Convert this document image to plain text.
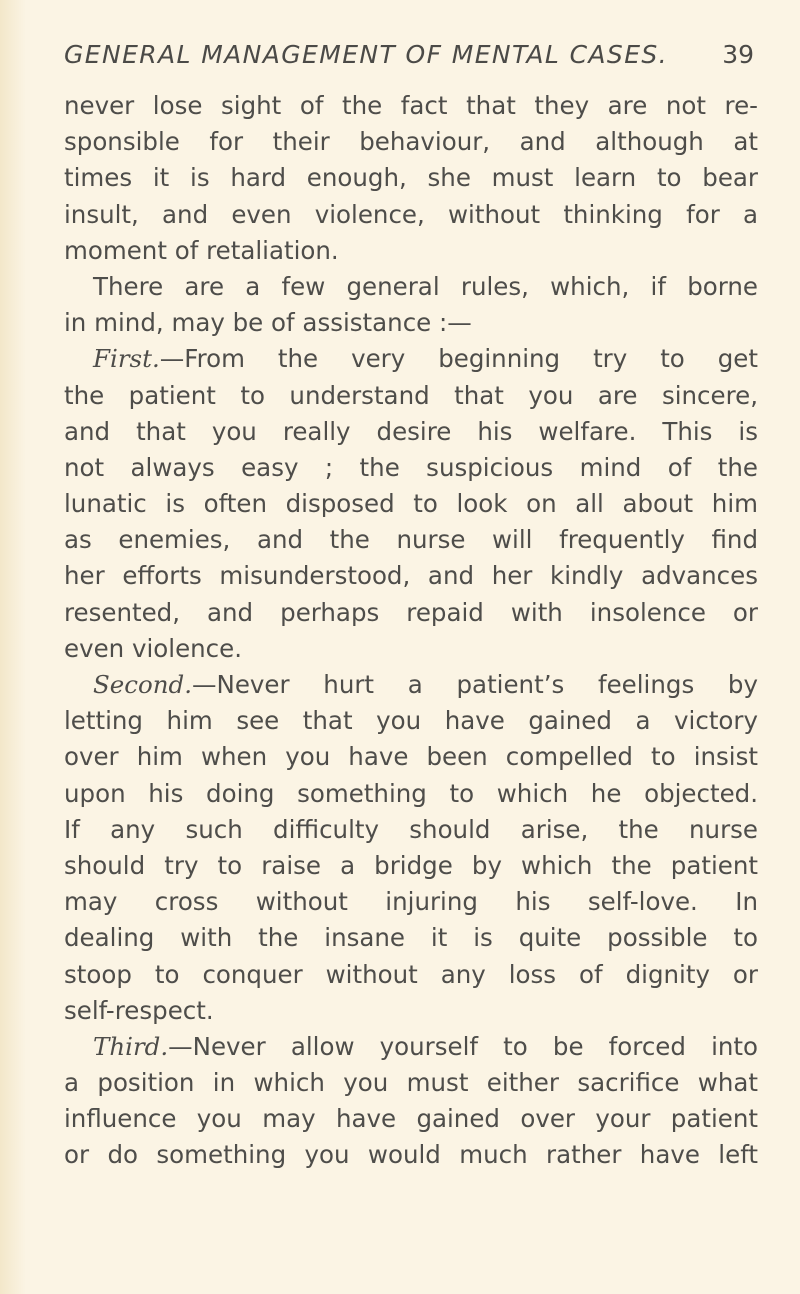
GENERAL MANAGEMENT OF MENTAL CASES. 39
never lose sight of the fact that they are not re-
sponsible for their behaviour, and although at
times it is hard enough, she must learn to bear
insult, and even violence, without thinking for a
moment of retaliation.
There are a few general rules, which, if borne
in mind, may be of assistance :—
First.—From the very beginning try to get
the patient to understand that you are sincere,
and that you really desire his welfare. This is
not always easy ; the suspicious mind of the
lunatic is often disposed to look on all about him
as enemies, and the nurse will frequently find
her efforts misunderstood, and her kindly advances
resented, and perhaps repaid with insolence or
even violence.
Second.—Never hurt a patient’s feelings by
letting him see that you have gained a victory
over him when you have been compelled to insist
upon his doing something to which he objected.
If any such difficulty should arise, the nurse
should try to raise a bridge by which the patient
may cross without injuring his self-love. In
dealing with the insane it is quite possible to
stoop to conquer without any loss of dignity or
self-respect.
Third.—Never allow yourself to be forced into
a position in which you must either sacrifice what
influence you may have gained over your patient
or do something you would much rather have left
